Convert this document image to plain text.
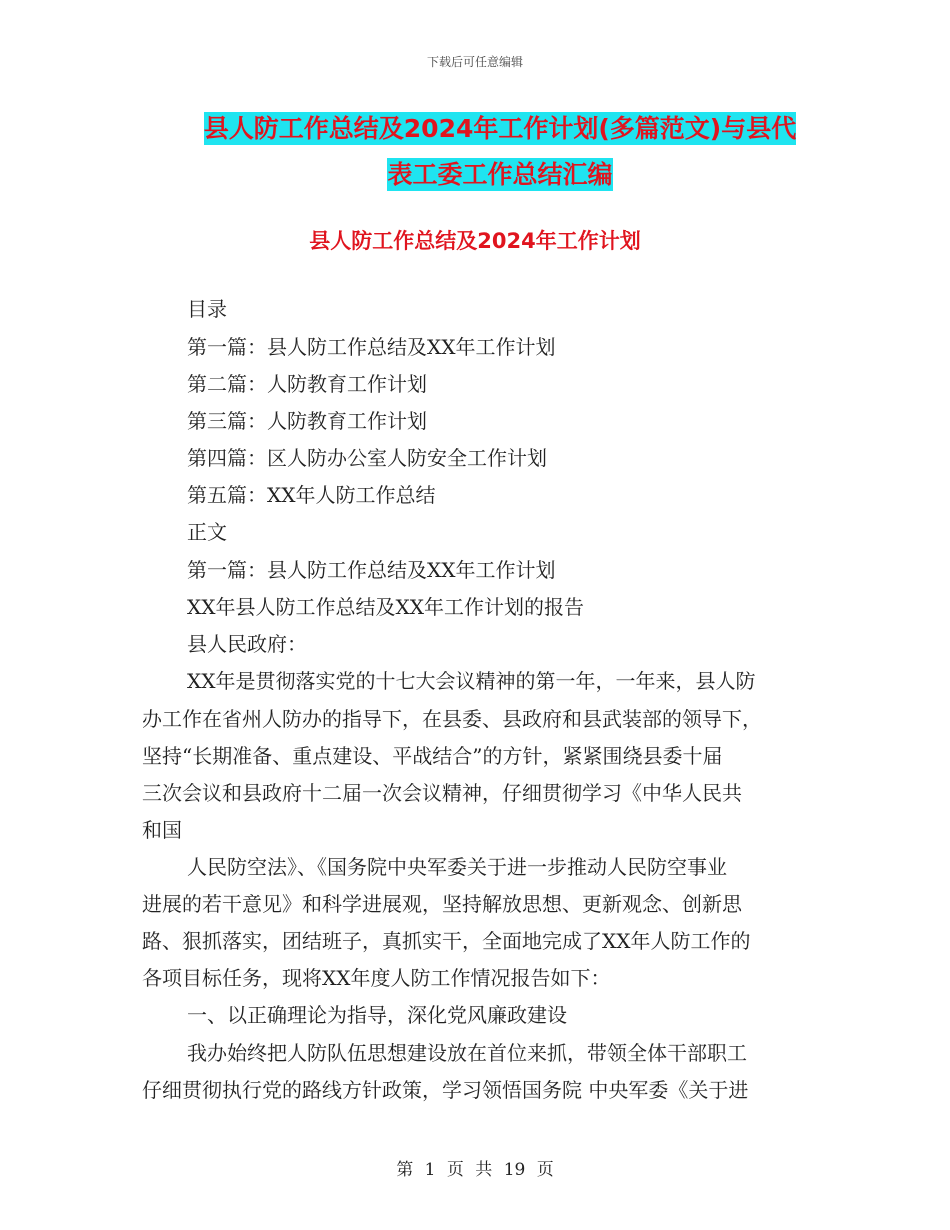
下载后可任意编辑
县人防工作总结及2024年工作计划(多篇范文)与县代
表工委工作总结汇编
县人防工作总结及2024年工作计划
目录
第一篇：县人防工作总结及XX年工作计划
第二篇：人防教育工作计划
第三篇：人防教育工作计划
第四篇：区人防办公室人防安全工作计划
第五篇：XX年人防工作总结
正文
第一篇：县人防工作总结及XX年工作计划
XX年县人防工作总结及XX年工作计划的报告
县人民政府：
XX年是贯彻落实党的十七大会议精神的第一年，一年来，县人防
办工作在省州人防办的指导下，在县委、县政府和县武装部的领导下，
坚持“长期准备、重点建设、平战结合”的方针，紧紧围绕县委十届
三次会议和县政府十二届一次会议精神，仔细贯彻学习《中华人民共
和国
人民防空法》、《国务院中央军委关于进一步推动人民防空事业
进展的若干意见》和科学进展观，坚持解放思想、更新观念、创新思
路、狠抓落实，团结班子，真抓实干，全面地完成了XX年人防工作的
各项目标任务，现将XX年度人防工作情况报告如下：
一、以正确理论为指导，深化党风廉政建设
我办始终把人防队伍思想建设放在首位来抓，带领全体干部职工
仔细贯彻执行党的路线方针政策，学习领悟国务院 中央军委《关于进
第 1 页 共 19 页
